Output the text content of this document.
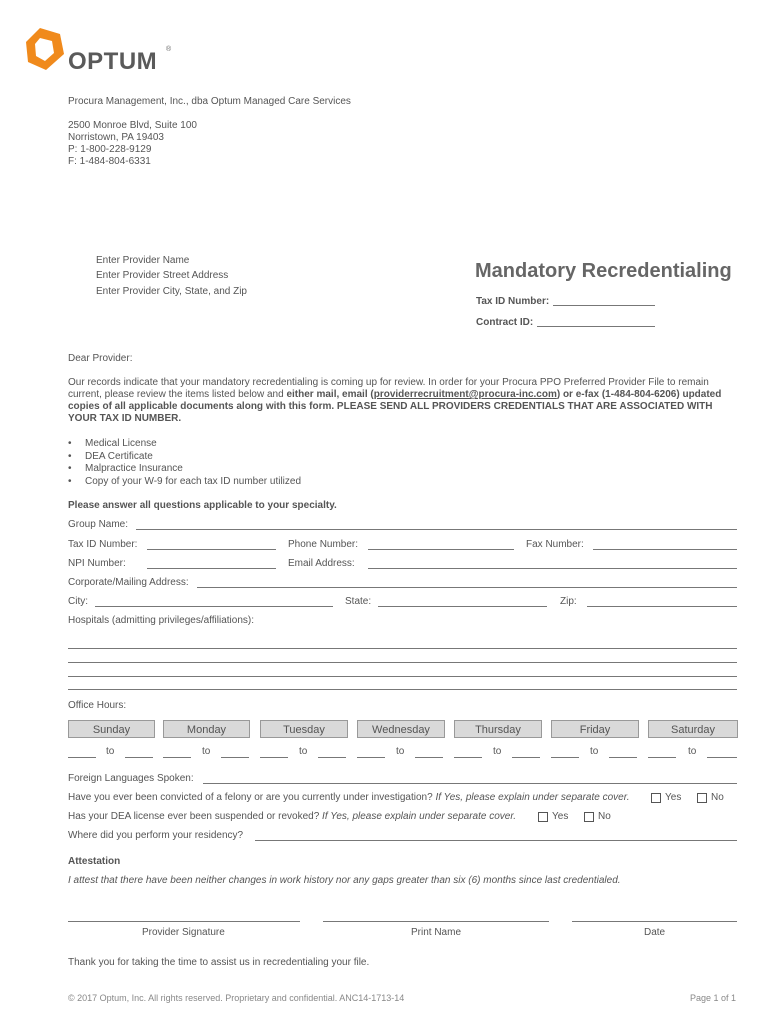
OPTUM ®
Procura Management, Inc., dba Optum Managed Care Services
2500 Monroe Blvd, Suite 100
Norristown, PA 19403
P: 1-800-228-9129
F: 1-484-804-6331
Enter Provider Name
Enter Provider Street Address
Enter Provider City, State, and Zip
Mandatory Recredentialing
Tax ID Number:
Contract ID:
Dear Provider:
Our records indicate that your mandatory recredentialing is coming up for review. In order for your Procura PPO Preferred Provider File to remain current, please review the items listed below and either mail, email (providerrecruitment@procura-inc.com) or e-fax (1-484-804-6206) updated copies of all applicable documents along with this form. PLEASE SEND ALL PROVIDERS CREDENTIALS THAT ARE ASSOCIATED WITH YOUR TAX ID NUMBER.
• Medical License
• DEA Certificate
• Malpractice Insurance
• Copy of your W-9 for each tax ID number utilized
Please answer all questions applicable to your specialty.
Group Name:
Tax ID Number:	Phone Number:	Fax Number:
NPI Number:	Email Address:
Corporate/Mailing Address:
City:	State:	Zip:
Hospitals (admitting privileges/affiliations):
Office Hours:
Sunday	Monday	Tuesday	Wednesday	Thursday	Friday	Saturday
to	to	to	to	to	to	to
Foreign Languages Spoken:
Have you ever been convicted of a felony or are you currently under investigation? If Yes, please explain under separate cover.	Yes	No
Has your DEA license ever been suspended or revoked? If Yes, please explain under separate cover.	Yes	No
Where did you perform your residency?
Attestation
I attest that there have been neither changes in work history nor any gaps greater than six (6) months since last credentialed.
Provider Signature	Print Name	Date
Thank you for taking the time to assist us in recredentialing your file.
© 2017 Optum, Inc. All rights reserved. Proprietary and confidential. ANC14-1713-14	Page 1 of 1
